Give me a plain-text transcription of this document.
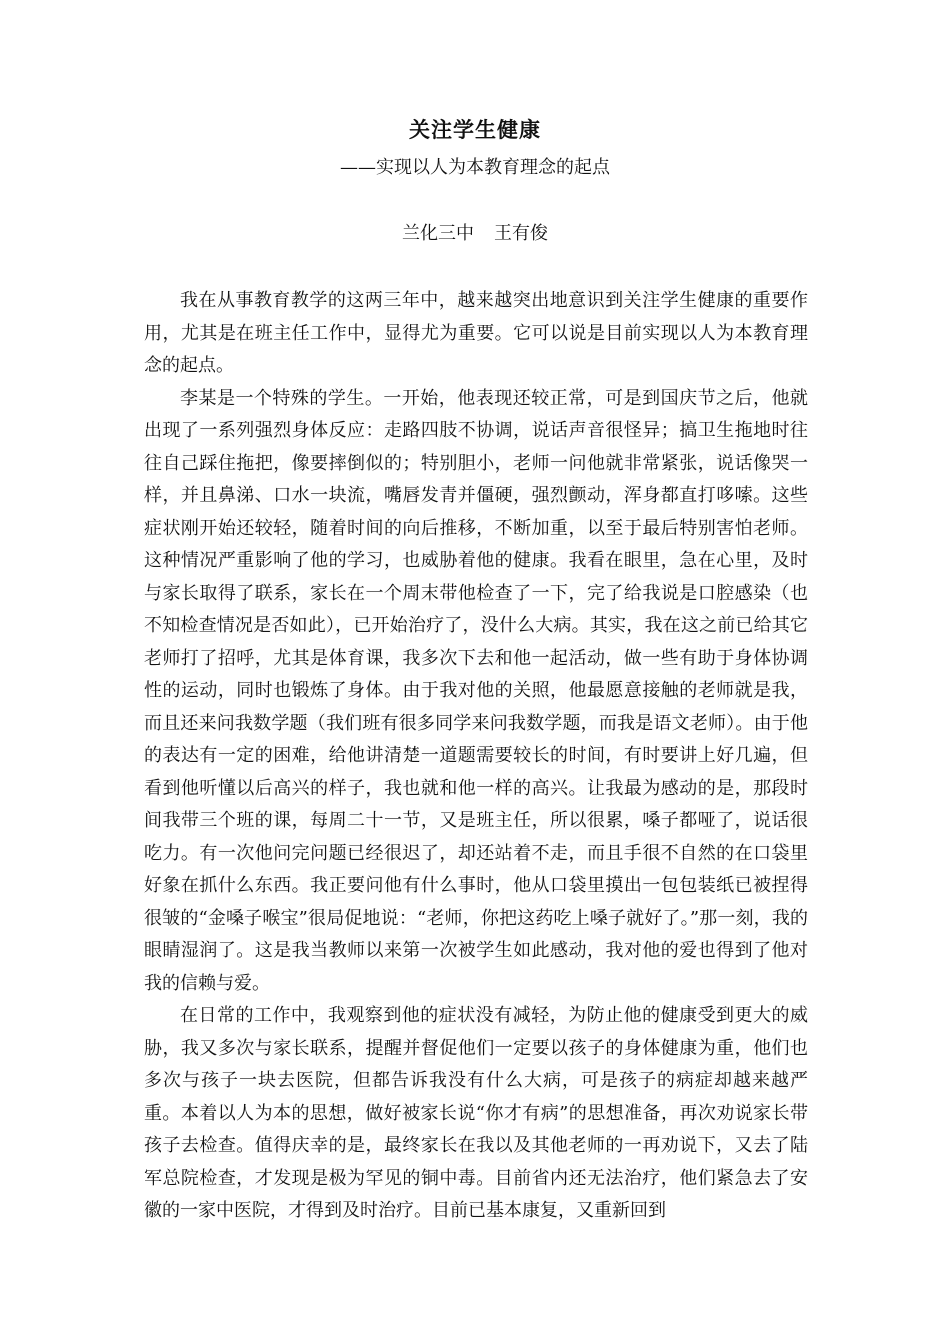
关注学生健康
——实现以人为本教育理念的起点
兰化三中 王有俊

我在从事教育教学的这两三年中，越来越突出地意识到关注学生健康的重要作用，尤其是在班主任工作中，显得尤为重要。它可以说是目前实现以人为本教育理念的起点。

李某是一个特殊的学生。一开始，他表现还较正常，可是到国庆节之后，他就出现了一系列强烈身体反应：走路四肢不协调，说话声音很怪异；搞卫生拖地时往往自己踩住拖把，像要摔倒似的；特别胆小，老师一问他就非常紧张，说话像哭一样，并且鼻涕、口水一块流，嘴唇发青并僵硬，强烈颤动，浑身都直打哆嗦。这些症状刚开始还较轻，随着时间的向后推移，不断加重，以至于最后特别害怕老师。这种情况严重影响了他的学习，也威胁着他的健康。我看在眼里，急在心里，及时与家长取得了联系，家长在一个周末带他检查了一下，完了给我说是口腔感染（也不知检查情况是否如此），已开始治疗了，没什么大病。其实，我在这之前已给其它老师打了招呼，尤其是体育课，我多次下去和他一起活动，做一些有助于身体协调性的运动，同时也锻炼了身体。由于我对他的关照，他最愿意接触的老师就是我，而且还来问我数学题（我们班有很多同学来问我数学题，而我是语文老师）。由于他的表达有一定的困难，给他讲清楚一道题需要较长的时间，有时要讲上好几遍，但看到他听懂以后高兴的样子，我也就和他一样的高兴。让我最为感动的是，那段时间我带三个班的课，每周二十一节，又是班主任，所以很累，嗓子都哑了，说话很吃力。有一次他问完问题已经很迟了，却还站着不走，而且手很不自然的在口袋里好象在抓什么东西。我正要问他有什么事时，他从口袋里摸出一包包装纸已被捏得很皱的“金嗓子喉宝”很局促地说：“老师，你把这药吃上嗓子就好了。”那一刻，我的眼睛湿润了。这是我当教师以来第一次被学生如此感动，我对他的爱也得到了他对我的信赖与爱。

在日常的工作中，我观察到他的症状没有减轻，为防止他的健康受到更大的威胁，我又多次与家长联系，提醒并督促他们一定要以孩子的身体健康为重，他们也多次与孩子一块去医院，但都告诉我没有什么大病，可是孩子的病症却越来越严重。本着以人为本的思想，做好被家长说“你才有病”的思想准备，再次劝说家长带孩子去检查。值得庆幸的是，最终家长在我以及其他老师的一再劝说下，又去了陆军总院检查，才发现是极为罕见的铜中毒。目前省内还无法治疗，他们紧急去了安徽的一家中医院，才得到及时治疗。目前已基本康复，又重新回到
